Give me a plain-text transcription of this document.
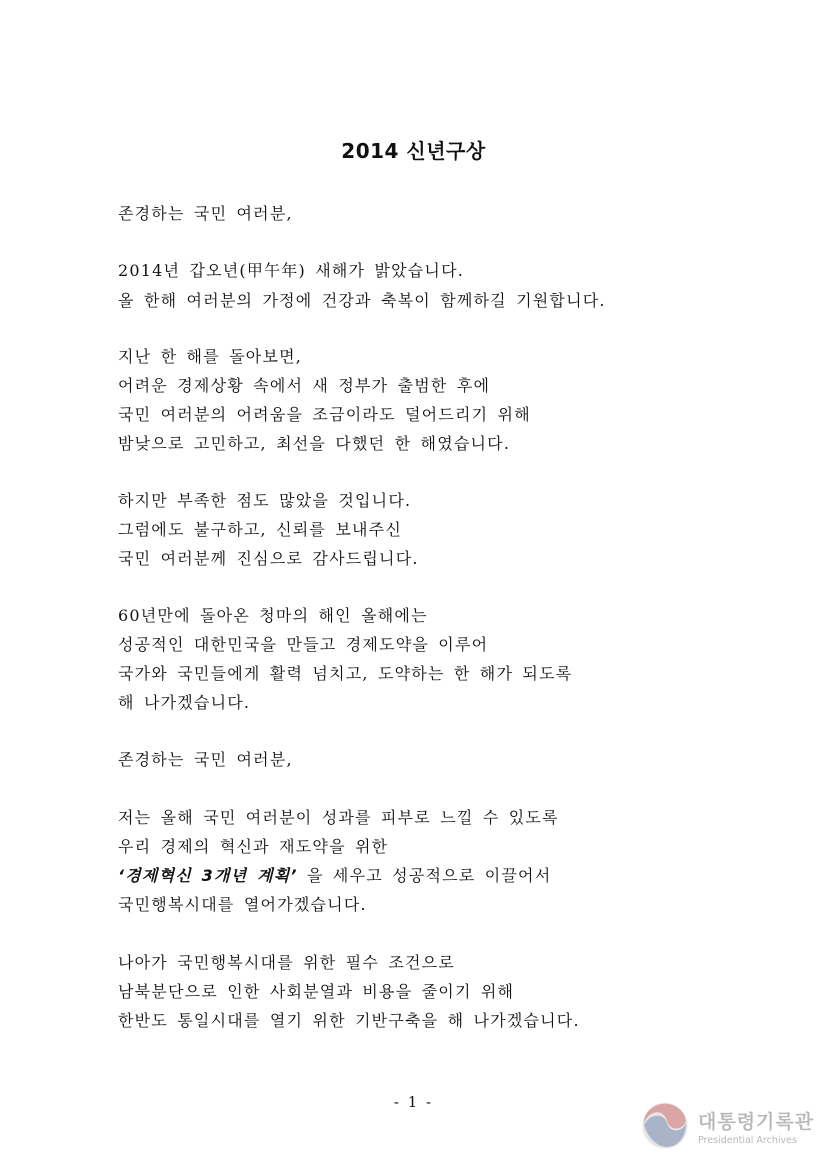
2014 신년구상
존경하는 국민 여러분,
2014년 갑오년(甲午年) 새해가 밝았습니다.
올 한해 여러분의 가정에 건강과 축복이 함께하길 기원합니다.
지난 한 해를 돌아보면,
어려운 경제상황 속에서 새 정부가 출범한 후에
국민 여러분의 어려움을 조금이라도 덜어드리기 위해
밤낮으로 고민하고, 최선을 다했던 한 해였습니다.
하지만 부족한 점도 많았을 것입니다.
그럼에도 불구하고, 신뢰를 보내주신
국민 여러분께 진심으로 감사드립니다.
60년만에 돌아온 청마의 해인 올해에는
성공적인 대한민국을 만들고 경제도약을 이루어
국가와 국민들에게 활력 넘치고, 도약하는 한 해가 되도록
해 나가겠습니다.
존경하는 국민 여러분,
저는 올해 국민 여러분이 성과를 피부로 느낄 수 있도록
우리 경제의 혁신과 재도약을 위한
‘경제혁신 3개년 계획’ 을 세우고 성공적으로 이끌어서
국민행복시대를 열어가겠습니다.
나아가 국민행복시대를 위한 필수 조건으로
남북분단으로 인한 사회분열과 비용을 줄이기 위해
한반도 통일시대를 열기 위한 기반구축을 해 나가겠습니다.
- 1 -
대통령기록관
Presidential Archives
